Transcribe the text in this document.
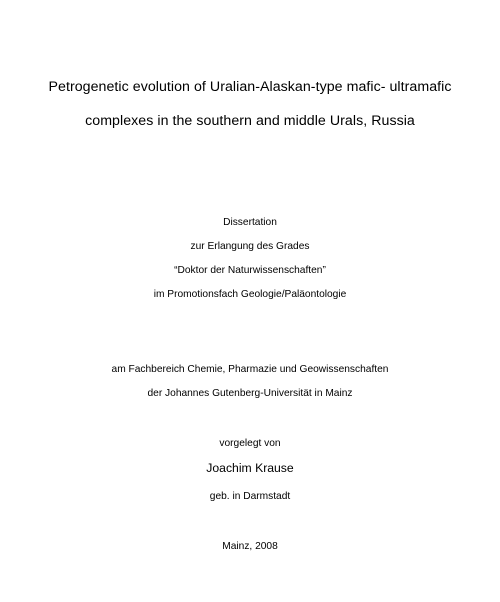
Petrogenetic evolution of Uralian-Alaskan-type mafic- ultramafic
complexes in the southern and middle Urals, Russia
Dissertation
zur Erlangung des Grades
“Doktor der Naturwissenschaften”
im Promotionsfach Geologie/Paläontologie
am Fachbereich Chemie, Pharmazie und Geowissenschaften
der Johannes Gutenberg-Universität in Mainz
vorgelegt von
Joachim Krause
geb. in Darmstadt
Mainz, 2008
